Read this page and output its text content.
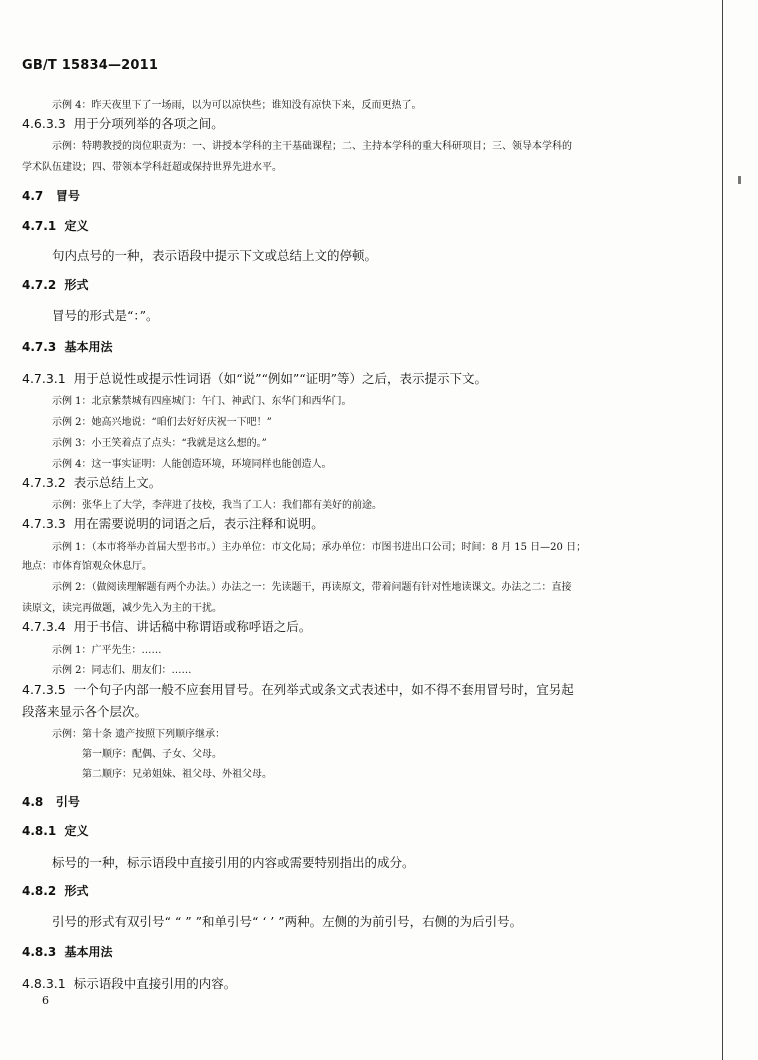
GB/T 15834—2011
示例 4：昨天夜里下了一场雨，以为可以凉快些；谁知没有凉快下来，反而更热了。
4.6.3.3 用于分项列举的各项之间。
示例：特聘教授的岗位职责为：一、讲授本学科的主干基础课程；二、主持本学科的重大科研项目；三、领导本学科的
学术队伍建设；四、带领本学科赶超或保持世界先进水平。
4.7 冒号
4.7.1 定义
句内点号的一种，表示语段中提示下文或总结上文的停顿。
4.7.2 形式
冒号的形式是“：”。
4.7.3 基本用法
4.7.3.1 用于总说性或提示性词语（如“说”“例如”“证明”等）之后，表示提示下文。
示例 1：北京紫禁城有四座城门：午门、神武门、东华门和西华门。
示例 2：她高兴地说：“咱们去好好庆祝一下吧！”
示例 3：小王笑着点了点头：“我就是这么想的。”
示例 4：这一事实证明：人能创造环境，环境同样也能创造人。
4.7.3.2 表示总结上文。
示例：张华上了大学，李萍进了技校，我当了工人：我们都有美好的前途。
4.7.3.3 用在需要说明的词语之后，表示注释和说明。
示例 1：（本市将举办首届大型书市。）主办单位：市文化局；承办单位：市图书进出口公司；时间：8 月 15 日—20 日；
地点：市体育馆观众休息厅。
示例 2：（做阅读理解题有两个办法。）办法之一：先读题干，再读原文，带着问题有针对性地读课文。办法之二：直接
读原文，读完再做题，减少先入为主的干扰。
4.7.3.4 用于书信、讲话稿中称谓语或称呼语之后。
示例 1：广平先生：……
示例 2：同志们、朋友们：……
4.7.3.5 一个句子内部一般不应套用冒号。在列举式或条文式表述中，如不得不套用冒号时，宜另起
段落来显示各个层次。
示例：第十条 遗产按照下列顺序继承：
第一顺序：配偶、子女、父母。
第二顺序：兄弟姐妹、祖父母、外祖父母。
4.8 引号
4.8.1 定义
标号的一种，标示语段中直接引用的内容或需要特别指出的成分。
4.8.2 形式
引号的形式有双引号“ “ ” ”和单引号“ ‘ ’ ”两种。左侧的为前引号，右侧的为后引号。
4.8.3 基本用法
4.8.3.1 标示语段中直接引用的内容。
6
